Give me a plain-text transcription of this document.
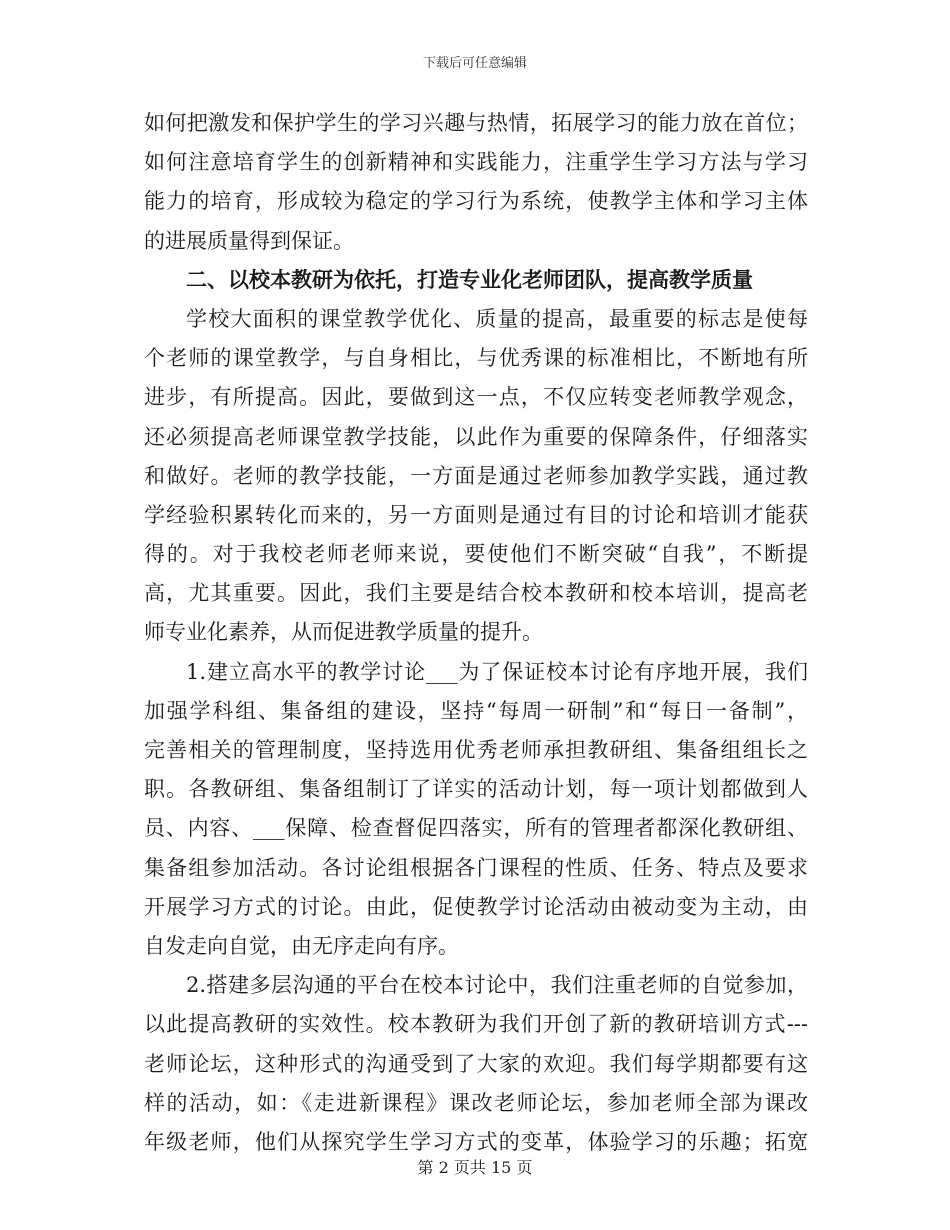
下载后可任意编辑
如何把激发和保护学生的学习兴趣与热情，拓展学习的能力放在首位；
如何注意培育学生的创新精神和实践能力，注重学生学习方法与学习
能力的培育，形成较为稳定的学习行为系统，使教学主体和学习主体
的进展质量得到保证。
二、以校本教研为依托，打造专业化老师团队，提高教学质量
学校大面积的课堂教学优化、质量的提高，最重要的标志是使每
个老师的课堂教学，与自身相比，与优秀课的标准相比，不断地有所
进步，有所提高。因此，要做到这一点，不仅应转变老师教学观念，
还必须提高老师课堂教学技能，以此作为重要的保障条件，仔细落实
和做好。老师的教学技能，一方面是通过老师参加教学实践，通过教
学经验积累转化而来的，另一方面则是通过有目的讨论和培训才能获
得的。对于我校老师老师来说，要使他们不断突破“自我”，不断提
高，尤其重要。因此，我们主要是结合校本教研和校本培训，提高老
师专业化素养，从而促进教学质量的提升。
1.建立高水平的教学讨论___为了保证校本讨论有序地开展，我们
加强学科组、集备组的建设，坚持“每周一研制”和“每日一备制”，
完善相关的管理制度，坚持选用优秀老师承担教研组、集备组组长之
职。各教研组、集备组制订了详实的活动计划，每一项计划都做到人
员、内容、___保障、检查督促四落实，所有的管理者都深化教研组、
集备组参加活动。各讨论组根据各门课程的性质、任务、特点及要求
开展学习方式的讨论。由此，促使教学讨论活动由被动变为主动，由
自发走向自觉，由无序走向有序。
2.搭建多层沟通的平台在校本讨论中，我们注重老师的自觉参加，
以此提高教研的实效性。校本教研为我们开创了新的教研培训方式---
老师论坛，这种形式的沟通受到了大家的欢迎。我们每学期都要有这
样的活动，如：《走进新课程》课改老师论坛，参加老师全部为课改
年级老师，他们从探究学生学习方式的变革，体验学习的乐趣；拓宽
第 2 页共 15 页
